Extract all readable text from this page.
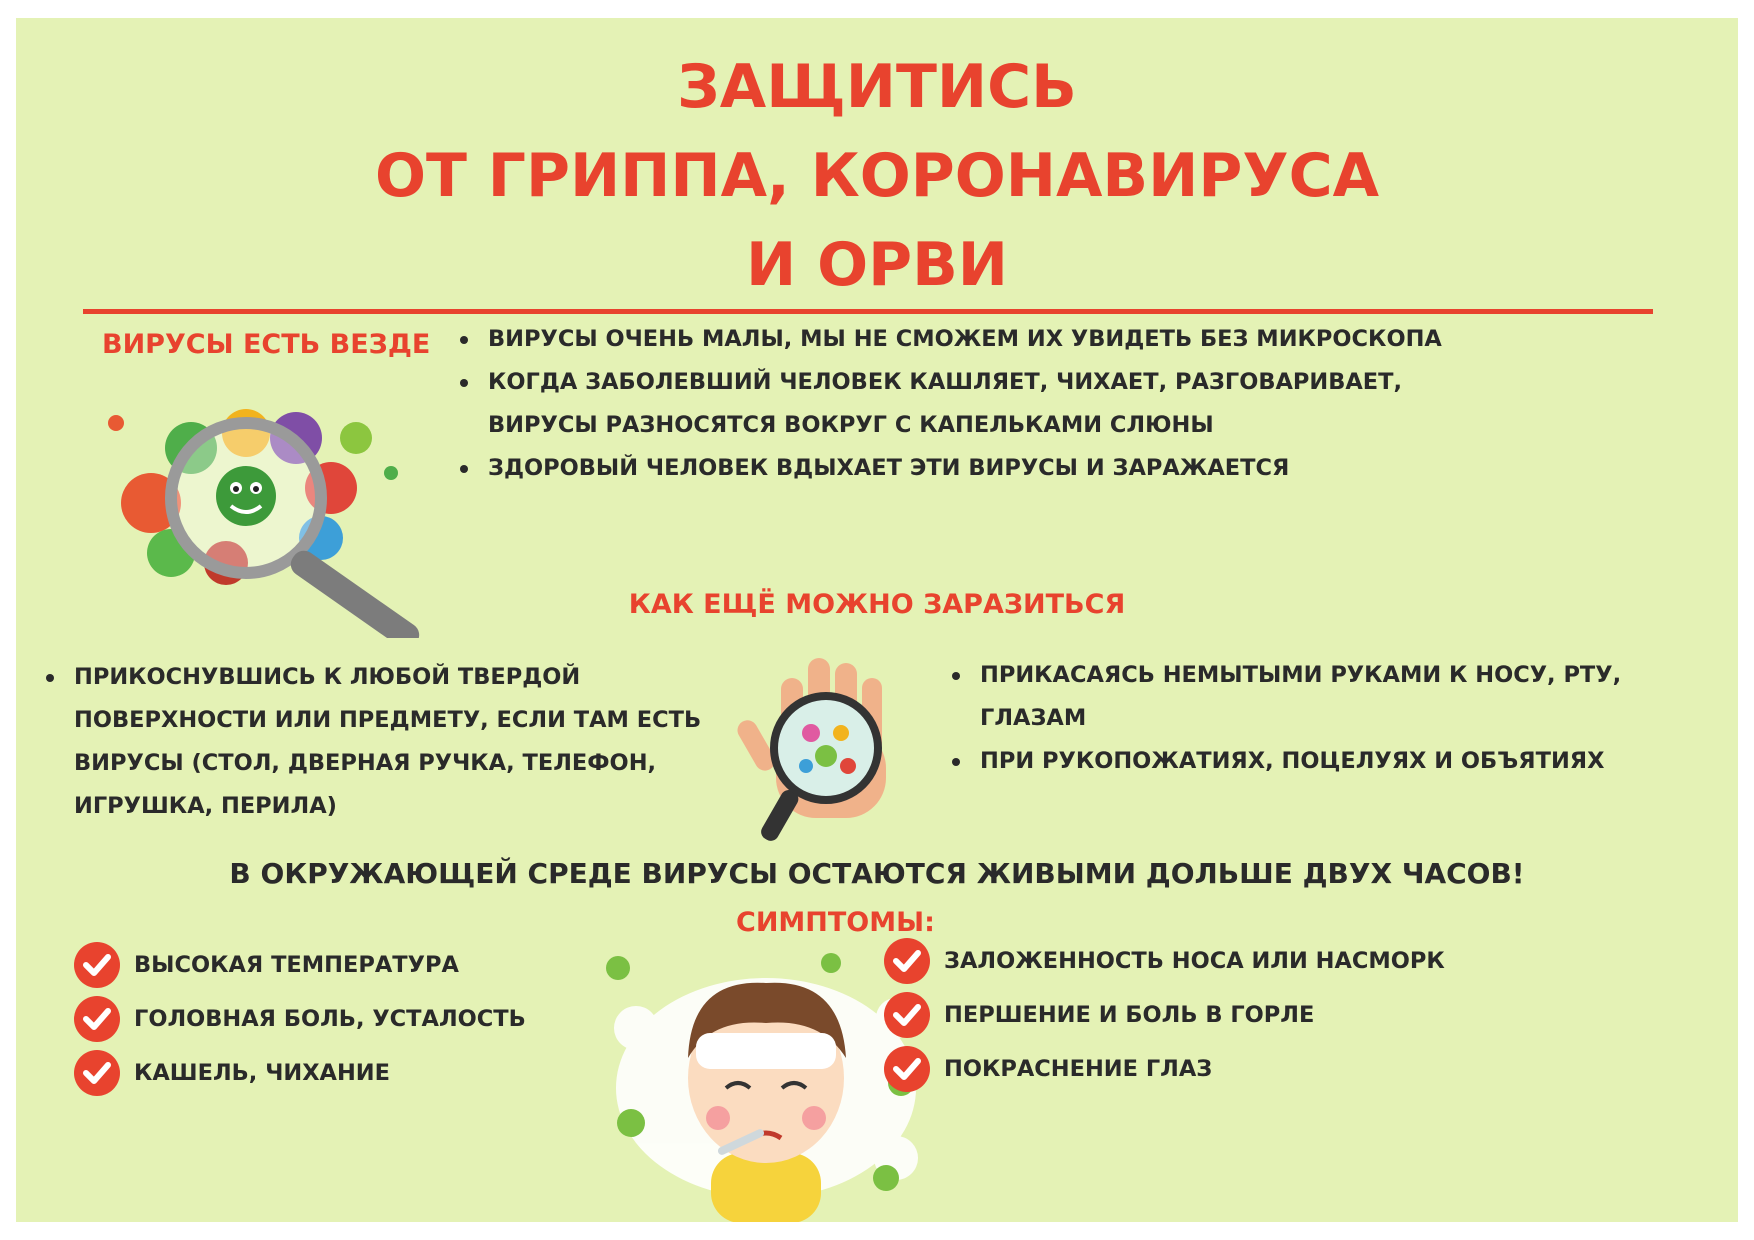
ЗАЩИТИСЬ
ОТ ГРИППА, КОРОНАВИРУСА
И ОРВИ
ВИРУСЫ ЕСТЬ ВЕЗДЕ	ВИРУСЫ ОЧЕНЬ МАЛЫ, МЫ НЕ СМОЖЕМ ИХ УВИДЕТЬ БЕЗ МИКРОСКОПА
КОГДА ЗАБОЛЕВШИЙ ЧЕЛОВЕК КАШЛЯЕТ, ЧИХАЕТ, РАЗГОВАРИВАЕТ,
ВИРУСЫ РАЗНОСЯТСЯ ВОКРУГ С КАПЕЛЬКАМИ СЛЮНЫ
ЗДОРОВЫЙ ЧЕЛОВЕК ВДЫХАЕТ ЭТИ ВИРУСЫ И ЗАРАЖАЕТСЯ
КАК ЕЩЁ МОЖНО ЗАРАЗИТЬСЯ
ПРИКОСНУВШИСЬ К ЛЮБОЙ ТВЕРДОЙ
ПОВЕРХНОСТИ ИЛИ ПРЕДМЕТУ, ЕСЛИ ТАМ ЕСТЬ
ВИРУСЫ (СТОЛ, ДВЕРНАЯ РУЧКА, ТЕЛЕФОН,
ИГРУШКА, ПЕРИЛА)
ПРИКАСАЯСЬ НЕМЫТЫМИ РУКАМИ К НОСУ, РТУ,
ГЛАЗАМ
ПРИ РУКОПОЖАТИЯХ, ПОЦЕЛУЯХ И ОБЪЯТИЯХ
В ОКРУЖАЮЩЕЙ СРЕДЕ ВИРУСЫ ОСТАЮТСЯ ЖИВЫМИ ДОЛЬШЕ ДВУХ ЧАСОВ!
СИМПТОМЫ:
ВЫСОКАЯ ТЕМПЕРАТУРА
ГОЛОВНАЯ БОЛЬ, УСТАЛОСТЬ
КАШЕЛЬ, ЧИХАНИЕ
ЗАЛОЖЕННОСТЬ НОСА ИЛИ НАСМОРК
ПЕРШЕНИЕ И БОЛЬ В ГОРЛЕ
ПОКРАСНЕНИЕ ГЛАЗ
